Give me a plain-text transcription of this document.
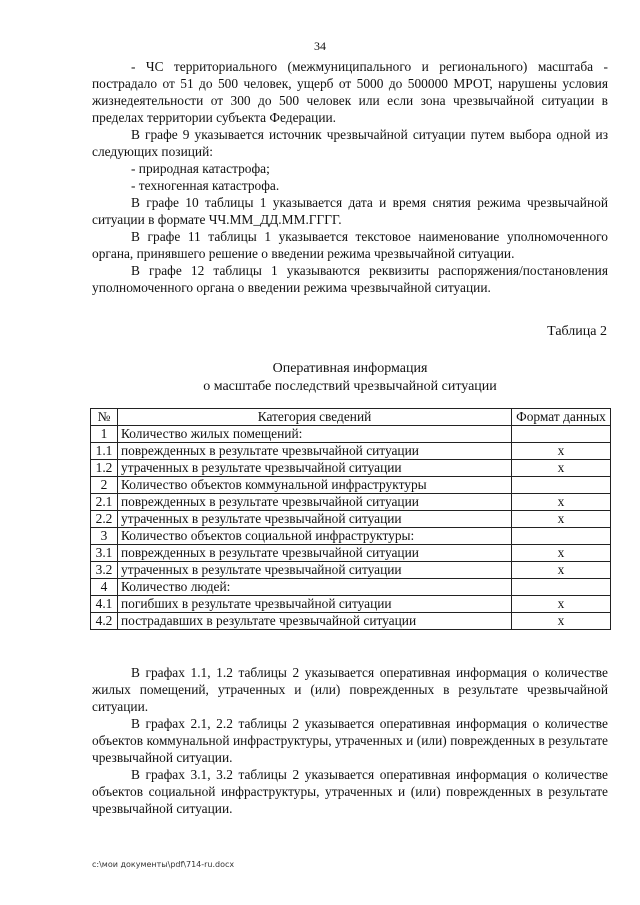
34

- ЧС территориального (межмуниципального и регионального) масштаба - пострадало от 51 до 500 человек, ущерб от 5000 до 500000 МРОТ, нарушены условия жизнедеятельности от 300 до 500 человек или если зона чрезвычайной ситуации в пределах территории субъекта Федерации.

В графе 9 указывается источник чрезвычайной ситуации путем выбора одной из следующих позиций:

- природная катастрофа;

- техногенная катастрофа.

В графе 10 таблицы 1 указывается дата и время снятия режима чрезвычайной ситуации в формате ЧЧ.ММ_ДД.ММ.ГГГГ.

В графе 11 таблицы 1 указывается текстовое наименование уполномоченного органа, принявшего решение о введении режима чрезвычайной ситуации.

В графе 12 таблицы 1 указываются реквизиты распоряжения/постановления уполномоченного органа о введении режима чрезвычайной ситуации.

Таблица 2
Оперативная информация
о масштабе последствий чрезвычайной ситуации
№	Категория сведений	Формат данных
1	Количество жилых помещений:	
1.1	поврежденных в результате чрезвычайной ситуации	x
1.2	утраченных в результате чрезвычайной ситуации	x
2	Количество объектов коммунальной инфраструктуры	
2.1	поврежденных в результате чрезвычайной ситуации	x
2.2	утраченных в результате чрезвычайной ситуации	x
3	Количество объектов социальной инфраструктуры:	
3.1	поврежденных в результате чрезвычайной ситуации	x
3.2	утраченных в результате чрезвычайной ситуации	x
4	Количество людей:	
4.1	погибших в результате чрезвычайной ситуации	x
4.2	пострадавших в результате чрезвычайной ситуации	x

В графах 1.1, 1.2 таблицы 2 указывается оперативная информация о количестве жилых помещений, утраченных и (или) поврежденных в результате чрезвычайной ситуации.

В графах 2.1, 2.2 таблицы 2 указывается оперативная информация о количестве объектов коммунальной инфраструктуры, утраченных и (или) поврежденных в результате чрезвычайной ситуации.

В графах 3.1, 3.2 таблицы 2 указывается оперативная информация о количестве объектов социальной инфраструктуры, утраченных и (или) поврежденных в результате чрезвычайной ситуации.

c:\мои документы\pdf\714-ru.docx
